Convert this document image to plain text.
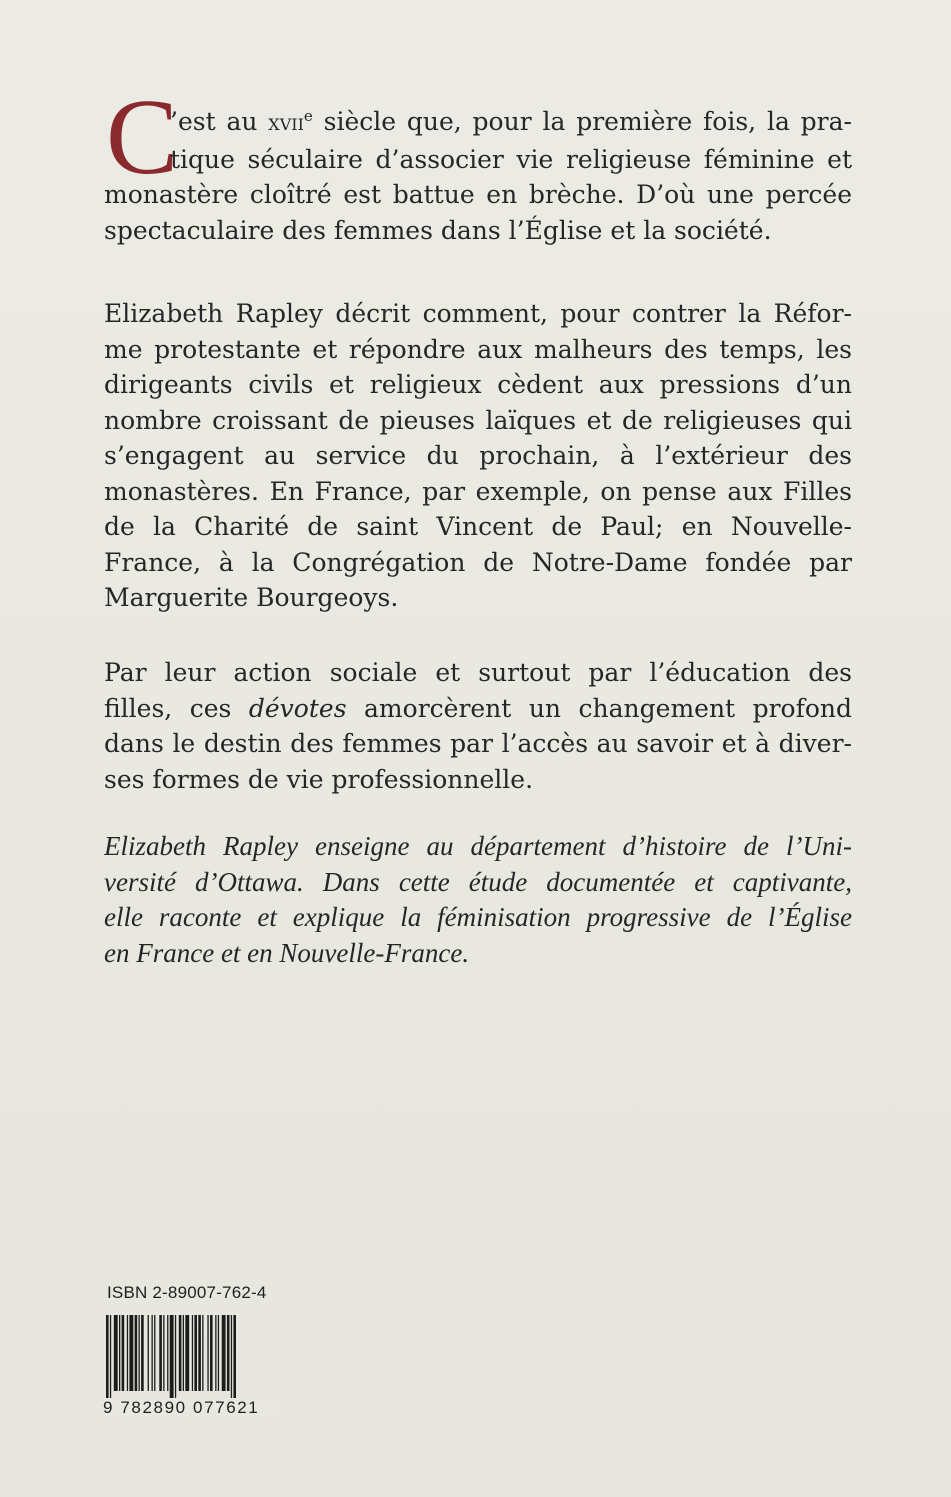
C
’est au xvii$^e$ siècle que, pour la première fois, la pra-
tique séculaire d’associer vie religieuse féminine et
monastère cloîtré est battue en brèche. D’où une percée
spectaculaire des femmes dans l’Église et la société.
Elizabeth Rapley décrit comment, pour contrer la Réfor-
me protestante et répondre aux malheurs des temps, les
dirigeants civils et religieux cèdent aux pressions d’un
nombre croissant de pieuses laïques et de religieuses qui
s’engagent au service du prochain, à l’extérieur des
monastères. En France, par exemple, on pense aux Filles
de la Charité de saint Vincent de Paul; en Nouvelle-
France, à la Congrégation de Notre-Dame fondée par
Marguerite Bourgeoys.
Par leur action sociale et surtout par l’éducation des
filles, ces dévotes amorcèrent un changement profond
dans le destin des femmes par l’accès au savoir et à diver-
ses formes de vie professionnelle.
Elizabeth Rapley enseigne au département d’histoire de l’Uni-
versité d’Ottawa. Dans cette étude documentée et captivante,
elle raconte et explique la féminisation progressive de l’Église
en France et en Nouvelle-France.
ISBN 2-89007-762-4
9 782890 077621
